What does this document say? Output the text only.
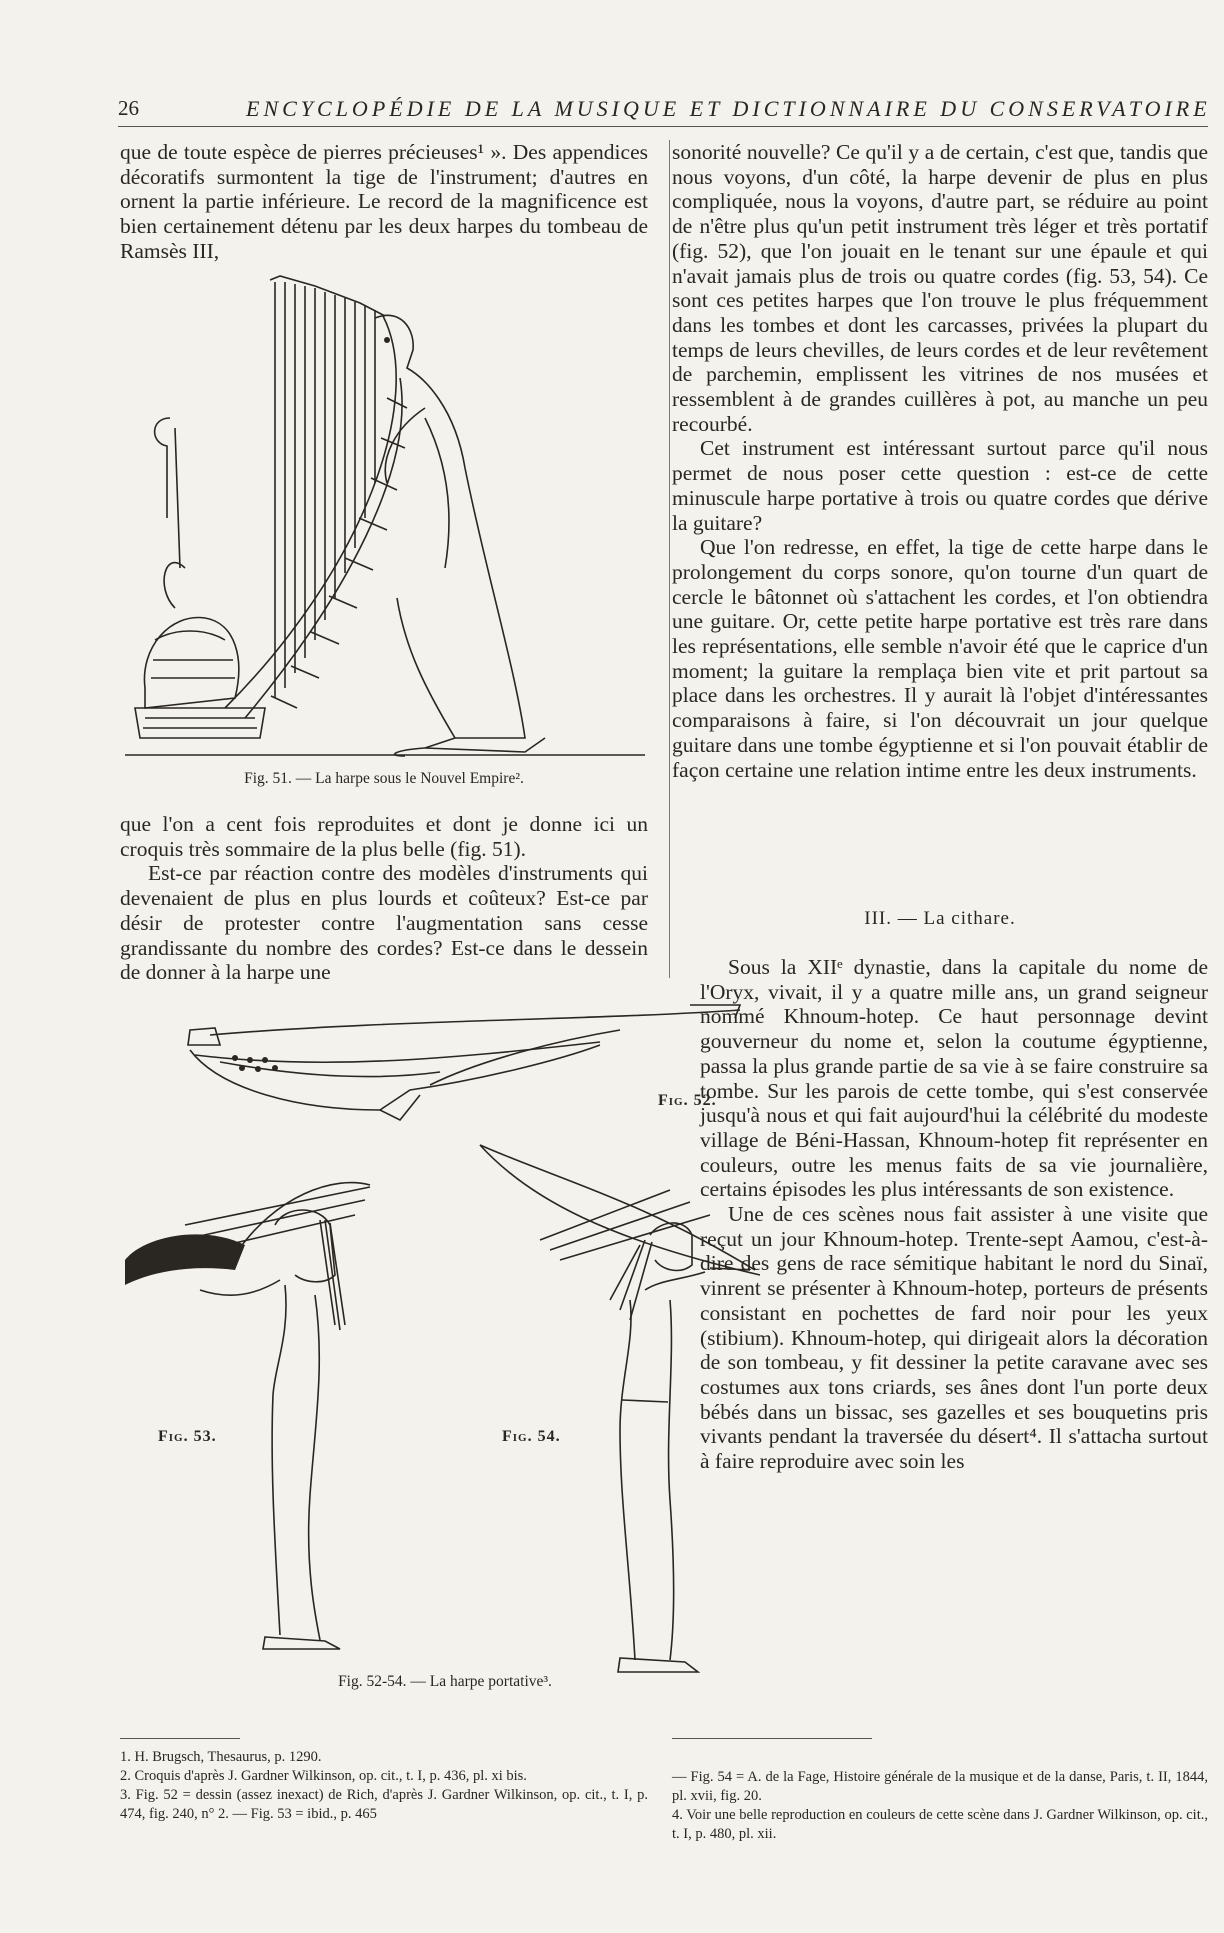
26	ENCYCLOPÉDIE DE LA MUSIQUE ET DICTIONNAIRE DU CONSERVATOIRE

que de toute espèce de pierres précieuses¹ ». Des appendices décoratifs surmontent la tige de l'instrument; d'autres en ornent la partie inférieure. Le record de la magnificence est bien certainement détenu par les deux harpes du tombeau de Ramsès III,

Fig. 51. — La harpe sous le Nouvel Empire².

que l'on a cent fois reproduites et dont je donne ici un croquis très sommaire de la plus belle (fig. 51).

Est-ce par réaction contre des modèles d'instruments qui devenaient de plus en plus lourds et coûteux? Est-ce par désir de protester contre l'augmentation sans cesse grandissante du nombre des cordes? Est-ce dans le dessein de donner à la harpe une

sonorité nouvelle? Ce qu'il y a de certain, c'est que, tandis que nous voyons, d'un côté, la harpe devenir de plus en plus compliquée, nous la voyons, d'autre part, se réduire au point de n'être plus qu'un petit instrument très léger et très portatif (fig. 52), que l'on jouait en le tenant sur une épaule et qui n'avait jamais plus de trois ou quatre cordes (fig. 53, 54). Ce sont ces petites harpes que l'on trouve le plus fréquemment dans les tombes et dont les carcasses, privées la plupart du temps de leurs chevilles, de leurs cordes et de leur revêtement de parchemin, emplissent les vitrines de nos musées et ressemblent à de grandes cuillères à pot, au manche un peu recourbé.

Cet instrument est intéressant surtout parce qu'il nous permet de nous poser cette question : est-ce de cette minuscule harpe portative à trois ou quatre cordes que dérive la guitare?

Que l'on redresse, en effet, la tige de cette harpe dans le prolongement du corps sonore, qu'on tourne d'un quart de cercle le bâtonnet où s'attachent les cordes, et l'on obtiendra une guitare. Or, cette petite harpe portative est très rare dans les représentations, elle semble n'avoir été que le caprice d'un moment; la guitare la remplaça bien vite et prit partout sa place dans les orchestres. Il y aurait là l'objet d'intéressantes comparaisons à faire, si l'on découvrait un jour quelque guitare dans une tombe égyptienne et si l'on pouvait établir de façon certaine une relation intime entre les deux instruments.

III. — La cithare.
Fig. 52.
Fig. 53.	Fig. 54.
Fig. 52-54. — La harpe portative³.

Sous la XIIᵉ dynastie, dans la capitale du nome de l'Oryx, vivait, il y a quatre mille ans, un grand seigneur nommé Khnoum-hotep. Ce haut personnage devint gouverneur du nome et, selon la coutume égyptienne, passa la plus grande partie de sa vie à se faire construire sa tombe. Sur les parois de cette tombe, qui s'est conservée jusqu'à nous et qui fait aujourd'hui la célébrité du modeste village de Béni-Hassan, Khnoum-hotep fit représenter en couleurs, outre les menus faits de sa vie journalière, certains épisodes les plus intéressants de son existence.

Une de ces scènes nous fait assister à une visite que reçut un jour Khnoum-hotep. Trente-sept Aamou, c'est-à-dire des gens de race sémitique habitant le nord du Sinaï, vinrent se présenter à Khnoum-hotep, porteurs de présents consistant en pochettes de fard noir pour les yeux (stibium). Khnoum-hotep, qui dirigeait alors la décoration de son tombeau, y fit dessiner la petite caravane avec ses costumes aux tons criards, ses ânes dont l'un porte deux bébés dans un bissac, ses gazelles et ses bouquetins pris vivants pendant la traversée du désert⁴. Il s'attacha surtout à faire reproduire avec soin les

1. H. Brugsch, Thesaurus, p. 1290.

2. Croquis d'après J. Gardner Wilkinson, op. cit., t. I, p. 436, pl. xi bis.

3. Fig. 52 = dessin (assez inexact) de Rich, d'après J. Gardner Wilkinson, op. cit., t. I, p. 474, fig. 240, n° 2. — Fig. 53 = ibid., p. 465

— Fig. 54 = A. de la Fage, Histoire générale de la musique et de la danse, Paris, t. II, 1844, pl. xvii, fig. 20.

4. Voir une belle reproduction en couleurs de cette scène dans J. Gardner Wilkinson, op. cit., t. I, p. 480, pl. xii.
